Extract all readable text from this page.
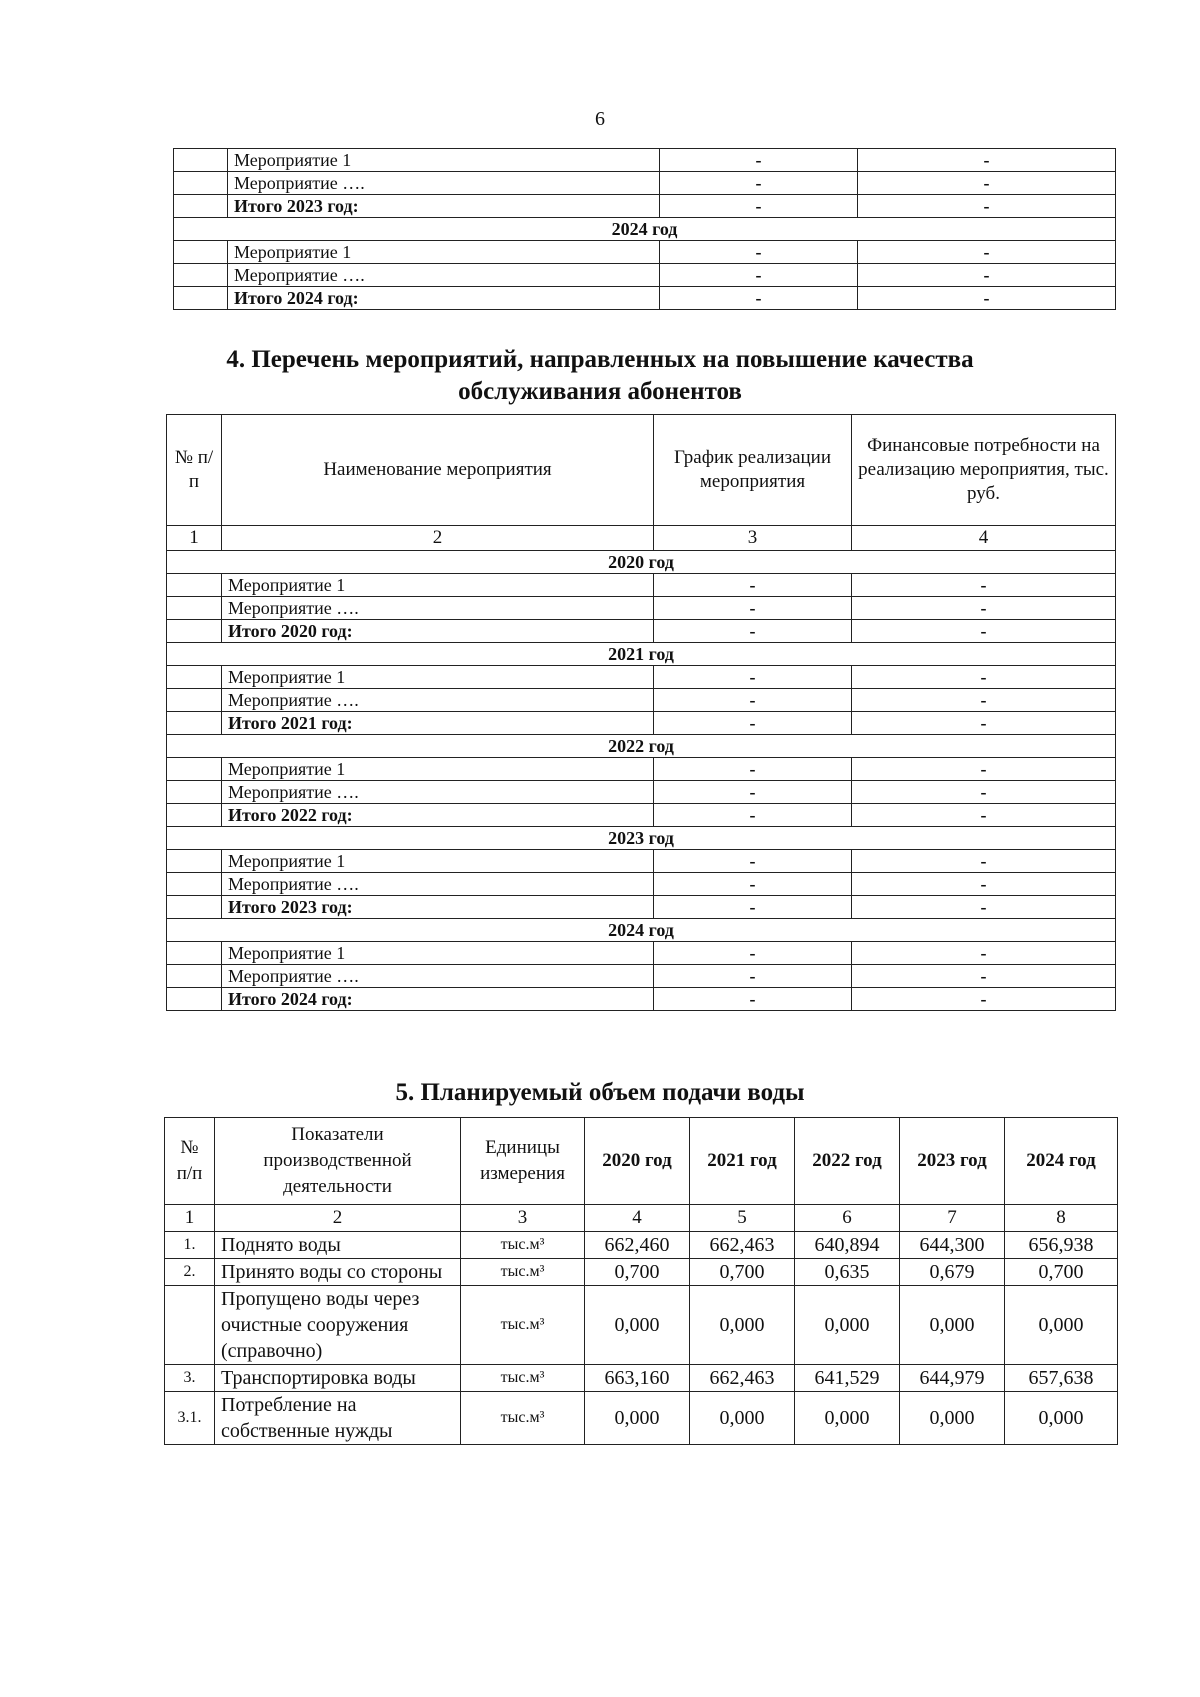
6
	Мероприятие 1	-	-
	Мероприятие ….	-	-
	Итого 2023 год:	-	-
2024 год			
	Мероприятие 1	-	-
	Мероприятие ….	-	-
	Итого 2024 год:	-	-
4. Перечень мероприятий, направленных на повышение качества
обслуживания абонентов
№ п/п	Наименование мероприятия	График реализации мероприятия	Финансовые потребности на реализацию мероприятия, тыс. руб.
1	2	3	4
2020 год			
	Мероприятие 1	-	-
	Мероприятие ….	-	-
	Итого 2020 год:	-	-
2021 год			
	Мероприятие 1	-	-
	Мероприятие ….	-	-
	Итого 2021 год:	-	-
2022 год			
	Мероприятие 1	-	-
	Мероприятие ….	-	-
	Итого 2022 год:	-	-
2023 год			
	Мероприятие 1	-	-
	Мероприятие ….	-	-
	Итого 2023 год:	-	-
2024 год			
	Мероприятие 1	-	-
	Мероприятие ….	-	-
	Итого 2024 год:	-	-
5. Планируемый объем подачи воды
№ п/п	Показатели производственной деятельности	Единицы измерения	2020 год	2021 год	2022 год	2023 год	2024 год
1	2	3	4	5	6	7	8
1.	Поднято воды	тыс.м³	662,460	662,463	640,894	644,300	656,938
2.	Принято воды со стороны	тыс.м³	0,700	0,700	0,635	0,679	0,700
	Пропущено воды через очистные сооружения (справочно)	тыс.м³	0,000	0,000	0,000	0,000	0,000
3.	Транспортировка воды	тыс.м³	663,160	662,463	641,529	644,979	657,638
3.1.	Потребление на собственные нужды	тыс.м³	0,000	0,000	0,000	0,000	0,000
